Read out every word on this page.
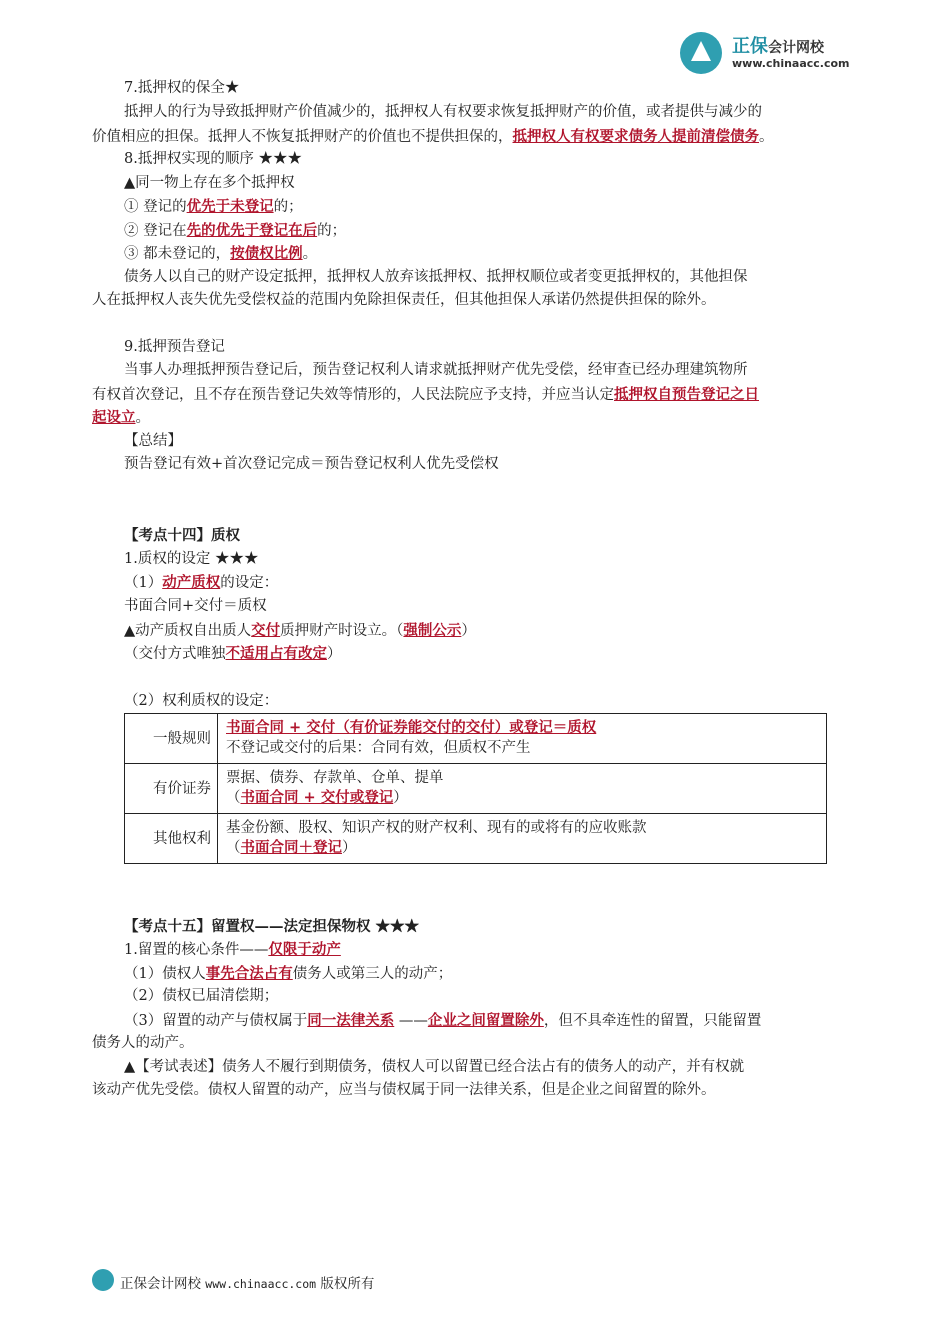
正保会计网校
www.chinaacc.com
7.抵押权的保全★
抵押人的行为导致抵押财产价值减少的，抵押权人有权要求恢复抵押财产的价值，或者提供与减少的
价值相应的担保。抵押人不恢复抵押财产的价值也不提供担保的，抵押权人有权要求债务人提前清偿债务。
8.抵押权实现的顺序 ★★★
▲同一物上存在多个抵押权
① 登记的优先于未登记的；
② 登记在先的优先于登记在后的；
③ 都未登记的，按债权比例。
债务人以自己的财产设定抵押，抵押权人放弃该抵押权、抵押权顺位或者变更抵押权的，其他担保
人在抵押权人丧失优先受偿权益的范围内免除担保责任，但其他担保人承诺仍然提供担保的除外。
9.抵押预告登记
当事人办理抵押预告登记后，预告登记权利人请求就抵押财产优先受偿，经审查已经办理建筑物所
有权首次登记，且不存在预告登记失效等情形的，人民法院应予支持，并应当认定抵押权自预告登记之日
起设立。
【总结】
预告登记有效+首次登记完成＝预告登记权利人优先受偿权
【考点十四】质权
1.质权的设定 ★★★
（1）动产质权的设定：
书面合同+交付＝质权
▲动产质权自出质人交付质押财产时设立。（强制公示）
（交付方式唯独不适用占有改定）
（2）权利质权的设定：
一般规则	书面合同 + 交付（有价证券能交付的交付）或登记＝质权
不登记或交付的后果：合同有效，但质权不产生

有价证券	票据、债券、存款单、仓单、提单
（书面合同 + 交付或登记）

其他权利	基金份额、股权、知识产权的财产权利、现有的或将有的应收账款
（书面合同＋登记）
【考点十五】留置权——法定担保物权 ★★★
1.留置的核心条件——仅限于动产
（1）债权人事先合法占有债务人或第三人的动产；
（2）债权已届清偿期；
（3）留置的动产与债权属于同一法律关系 ——企业之间留置除外，但不具牵连性的留置，只能留置
债务人的动产。
▲【考试表述】债务人不履行到期债务，债权人可以留置已经合法占有的债务人的动产，并有权就
该动产优先受偿。债权人留置的动产，应当与债权属于同一法律关系，但是企业之间留置的除外。
正保会计网校 www.chinaacc.com 版权所有
